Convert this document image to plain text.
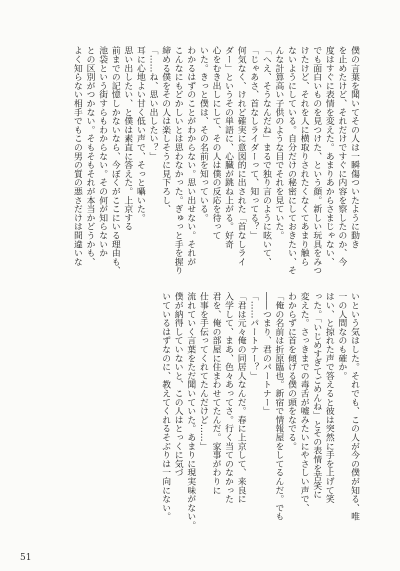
僕の言葉を聞いてその人は一瞬傷ついたように動き
を止めたけど、それだけですぐに内容を察したのか、今
度はすぐに表情を変えた。あまりあからさまじゃない、
でも面白いものを見つけた、という顔。新しい玩具をみつ
けたけど、それを人に横取りされたくなくてあまり触ら
ないようにしている。自分だけの秘密にしておきたい、そ
んな計算高い子供のような目でそれを見ていた。
「へえ、そうなんだね」まるで独り言のように呟いて、
「じゃあさ、首なしライダーって、知ってる？」
何気なく、けれど確実に意図的に出された「首なしライ
ダー」というその単語に、心臓が跳ね上がる。好奇
心をむき出しにして、その人は僕の反応を待って
いた。きっと僕は、その名前を知っている。
わかるはずのことがわからない。思い出せない。それが
こんなにもどかしいとは思わなかった。ぎゅっと手を握り
締める僕をその人は楽しそうに見下ろし、
「……ね、思い出したい？」
耳に心地よい甘く低い声で、そっと囁いた。
思い出したい、と僕は素直に答えた。上京する
前までの記憶しかないなら、今ぼくがここにいる理由も、
池袋という街すらもわからない。その何が知らないか
との区別がつかない。そもそもそれが本当かどうかも、
よく知らない相手でもこの男の質の悪さだけは間違いな
いという気はした。それでも、この人が今の僕が知る、唯
一の人間なのも確か。
はい、と掠れた声で答えると彼は突然に手を上げて笑
った。「いじめすぎてごめんね」とその表情を苦笑に
変えた。さっきまでの毒舌が嘘みたいにやさしい声で、
わからずに首を傾げる僕の頭をなでる。
「俺の名前は折原臨也。新宿で情報屋をしてるんだ。でも
――つまり、君のパートナー」
「……パートナー？」
「君は元々俺の同居人なんだ。春に上京して、来良に
入学して、まあ、色々あってさ。行く当てのなかった
君を、俺の部屋に住まわせてたんだ。家事がわりに
仕事を手伝ってくれてたんだけど……」
流れていく言葉をただ聞いていた。あまりに現実味がない。
僕が納得していないと、この人はとっくに気づ
いているはずなのに、教えてくれるそぶりは一向にない。
51
